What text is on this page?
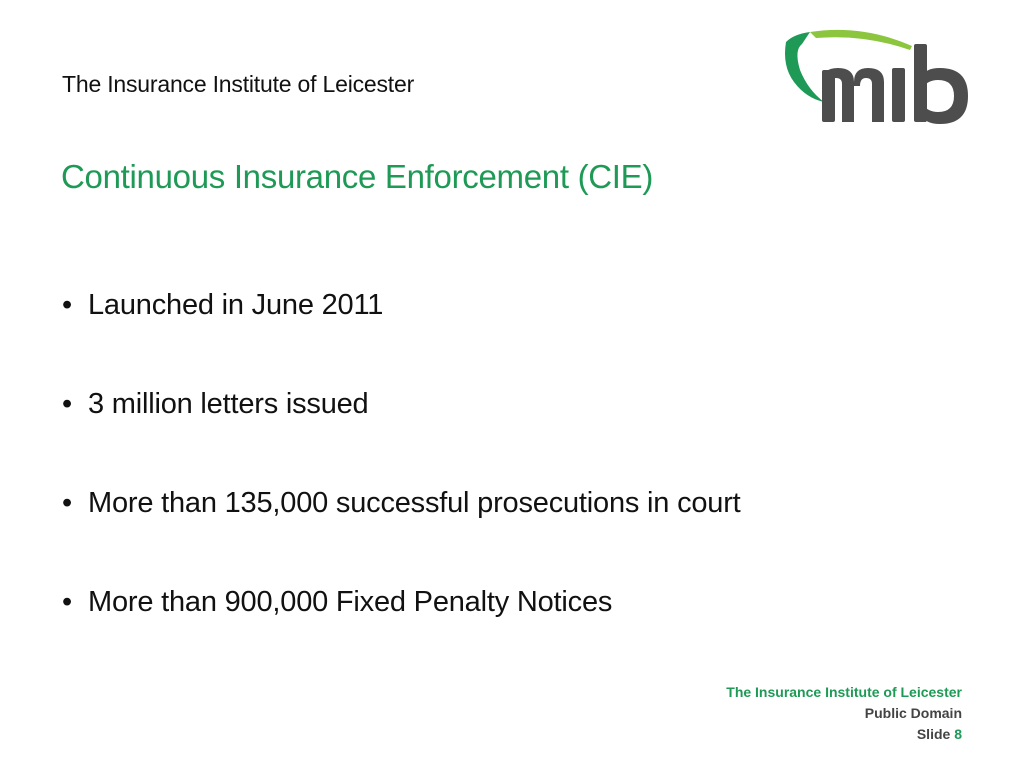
The Insurance Institute of Leicester
Continuous Insurance Enforcement (CIE)
• Launched in June 2011
• 3 million letters issued
• More than 135,000 successful prosecutions in court
• More than 900,000 Fixed Penalty Notices
The Insurance Institute of Leicester
Public Domain
Slide 8
